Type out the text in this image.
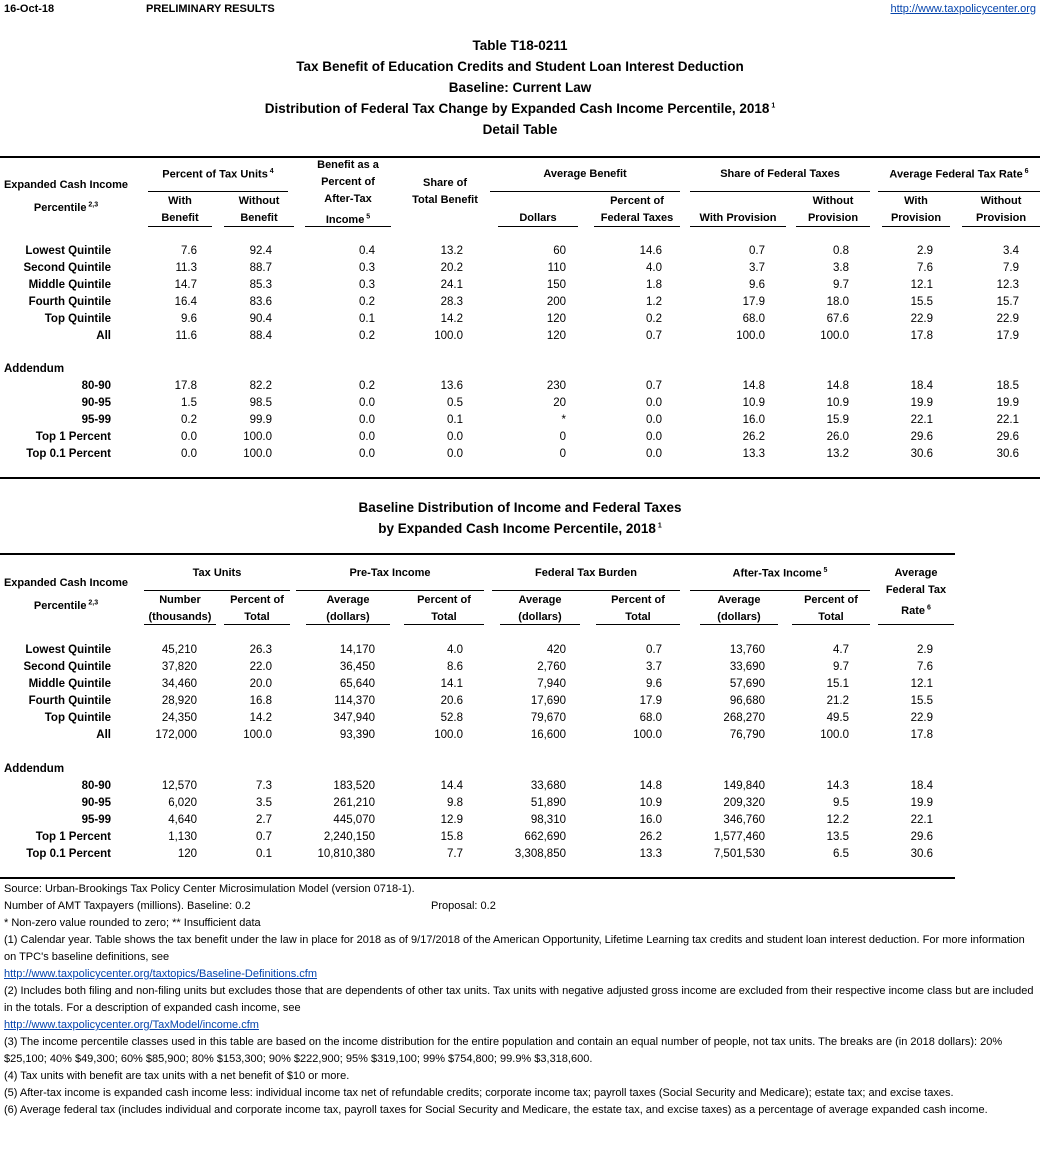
16-Oct-18	PRELIMINARY RESULTS	http://www.taxpolicycenter.org
Table T18-0211
Tax Benefit of Education Credits and Student Loan Interest Deduction
Baseline: Current Law
Distribution of Federal Tax Change by Expanded Cash Income Percentile, 2018 $^1$
Detail Table
Expanded Cash Income
Percentile $^{2,3}$
Percent of Tax Units $^4$
Benefit as a
Percent of
After-Tax
Income $^5$
Share of
Total Benefit
Average Benefit	Share of Federal Taxes	Average Federal Tax Rate $^6$
With
Benefit
Without
Benefit
	Dollars
Percent of
Federal Taxes
	With Provision
Without
Provision
With
Provision
Without
Provision
Lowest Quintile	7.6	92.4	0.4	13.2	60	14.6	0.7	0.8	2.9	3.4
Second Quintile	11.3	88.7	0.3	20.2	110	4.0	3.7	3.8	7.6	7.9
Middle Quintile	14.7	85.3	0.3	24.1	150	1.8	9.6	9.7	12.1	12.3
Fourth Quintile	16.4	83.6	0.2	28.3	200	1.2	17.9	18.0	15.5	15.7
Top Quintile	9.6	90.4	0.1	14.2	120	0.2	68.0	67.6	22.9	22.9
All	11.6	88.4	0.2	100.0	120	0.7	100.0	100.0	17.8	17.9
Addendum
80-90	17.8	82.2	0.2	13.6	230	0.7	14.8	14.8	18.4	18.5
90-95	1.5	98.5	0.0	0.5	20	0.0	10.9	10.9	19.9	19.9
95-99	0.2	99.9	0.0	0.1	*	0.0	16.0	15.9	22.1	22.1
Top 1 Percent	0.0	100.0	0.0	0.0	0	0.0	26.2	26.0	29.6	29.6
Top 0.1 Percent	0.0	100.0	0.0	0.0	0	0.0	13.3	13.2	30.6	30.6
Baseline Distribution of Income and Federal Taxes
by Expanded Cash Income Percentile, 2018 $^1$
Expanded Cash Income
Percentile $^{2,3}$
Tax Units	Pre-Tax Income	Federal Tax Burden	After-Tax Income $^5$	Average
Federal Tax
Rate $^6$
Number
(thousands)
Percent of
Total
Average
(dollars)
Percent of
Total
Average
(dollars)
Percent of
Total
Average
(dollars)
Percent of
Total
Lowest Quintile	45,210	26.3	14,170	4.0	420	0.7	13,760	4.7	2.9
Second Quintile	37,820	22.0	36,450	8.6	2,760	3.7	33,690	9.7	7.6
Middle Quintile	34,460	20.0	65,640	14.1	7,940	9.6	57,690	15.1	12.1
Fourth Quintile	28,920	16.8	114,370	20.6	17,690	17.9	96,680	21.2	15.5
Top Quintile	24,350	14.2	347,940	52.8	79,670	68.0	268,270	49.5	22.9
All	172,000	100.0	93,390	100.0	16,600	100.0	76,790	100.0	17.8
Addendum
80-90	12,570	7.3	183,520	14.4	33,680	14.8	149,840	14.3	18.4
90-95	6,020	3.5	261,210	9.8	51,890	10.9	209,320	9.5	19.9
95-99	4,640	2.7	445,070	12.9	98,310	16.0	346,760	12.2	22.1
Top 1 Percent	1,130	0.7	2,240,150	15.8	662,690	26.2	1,577,460	13.5	29.6
Top 0.1 Percent	120	0.1	10,810,380	7.7	3,308,850	13.3	7,501,530	6.5	30.6
Source: Urban-Brookings Tax Policy Center Microsimulation Model (version 0718-1).
Number of AMT Taxpayers (millions). Baseline: 0.2	Proposal: 0.2
* Non-zero value rounded to zero; ** Insufficient data
(1) Calendar year. Table shows the tax benefit under the law in place for 2018 as of 9/17/2018 of the American Opportunity, Lifetime Learning tax credits and student loan interest deduction. For more information on TPC's baseline definitions, see
http://www.taxpolicycenter.org/taxtopics/Baseline-Definitions.cfm
(2) Includes both filing and non-filing units but excludes those that are dependents of other tax units. Tax units with negative adjusted gross income are excluded from their respective income class but are included in the totals. For a description of expanded cash income, see
http://www.taxpolicycenter.org/TaxModel/income.cfm
(3) The income percentile classes used in this table are based on the income distribution for the entire population and contain an equal number of people, not tax units. The breaks are (in 2018 dollars): 20% $25,100; 40% $49,300; 60% $85,900; 80% $153,300; 90% $222,900; 95% $319,100; 99% $754,800; 99.9% $3,318,600.
(4) Tax units with benefit are tax units with a net benefit of $10 or more.
(5) After-tax income is expanded cash income less: individual income tax net of refundable credits; corporate income tax; payroll taxes (Social Security and Medicare); estate tax; and excise taxes.
(6) Average federal tax (includes individual and corporate income tax, payroll taxes for Social Security and Medicare, the estate tax, and excise taxes) as a percentage of average expanded cash income.
